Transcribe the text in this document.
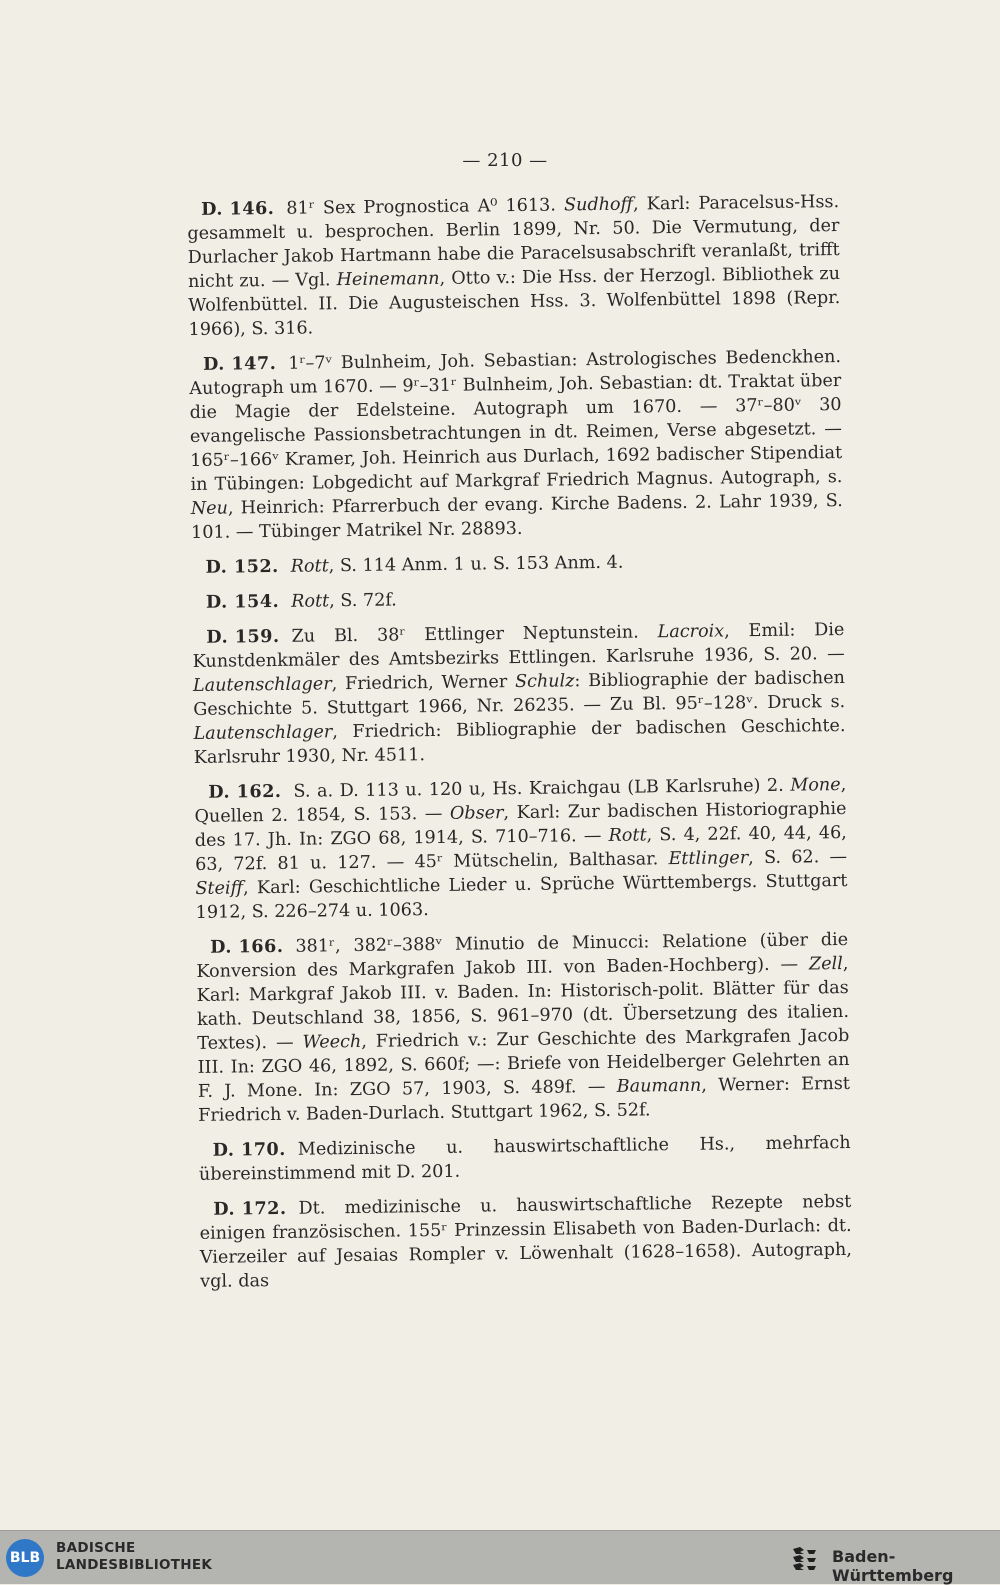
— 210 —

D. 146. 81ʳ Sex Prognostica A⁰ 1613. Sudhoff, Karl: Paracelsus-Hss. gesammelt u. besprochen. Berlin 1899, Nr. 50. Die Vermutung, der Durlacher Jakob Hartmann habe die Paracelsusabschrift veranlaßt, trifft nicht zu. — Vgl. Heinemann, Otto v.: Die Hss. der Herzogl. Bibliothek zu Wolfenbüttel. II. Die Augusteischen Hss. 3. Wolfenbüttel 1898 (Repr. 1966), S. 316.

D. 147. 1ʳ–7ᵛ Bulnheim, Joh. Sebastian: Astrologisches Bedenckhen. Autograph um 1670. — 9ʳ–31ʳ Bulnheim, Joh. Sebastian: dt. Traktat über die Magie der Edelsteine. Autograph um 1670. — 37ʳ–80ᵛ 30 evangelische Passionsbetrachtungen in dt. Reimen, Verse abgesetzt. — 165ʳ–166ᵛ Kramer, Joh. Heinrich aus Durlach, 1692 badischer Stipendiat in Tübingen: Lobgedicht auf Markgraf Friedrich Magnus. Autograph, s. Neu, Heinrich: Pfarrerbuch der evang. Kirche Badens. 2. Lahr 1939, S. 101. — Tübinger Matrikel Nr. 28893.

D. 152. Rott, S. 114 Anm. 1 u. S. 153 Anm. 4.

D. 154. Rott, S. 72f.

D. 159. Zu Bl. 38ʳ Ettlinger Neptunstein. Lacroix, Emil: Die Kunstdenkmäler des Amtsbezirks Ettlingen. Karlsruhe 1936, S. 20. — Lautenschlager, Friedrich, Werner Schulz: Bibliographie der badischen Geschichte 5. Stuttgart 1966, Nr. 26235. — Zu Bl. 95ʳ–128ᵛ. Druck s. Lautenschlager, Friedrich: Bibliographie der badischen Geschichte. Karlsruhr 1930, Nr. 4511.

D. 162. S. a. D. 113 u. 120 u, Hs. Kraichgau (LB Karlsruhe) 2. Mone, Quellen 2. 1854, S. 153. — Obser, Karl: Zur badischen Historiographie des 17. Jh. In: ZGO 68, 1914, S. 710–716. — Rott, S. 4, 22f. 40, 44, 46, 63, 72f. 81 u. 127. — 45ʳ Mütschelin, Balthasar. Ettlinger, S. 62. — Steiff, Karl: Geschichtliche Lieder u. Sprüche Württembergs. Stuttgart 1912, S. 226–274 u. 1063.

D. 166. 381ʳ, 382ʳ–388ᵛ Minutio de Minucci: Relatione (über die Konversion des Markgrafen Jakob III. von Baden-Hochberg). — Zell, Karl: Markgraf Jakob III. v. Baden. In: Historisch-polit. Blätter für das kath. Deutschland 38, 1856, S. 961–970 (dt. Übersetzung des italien. Textes). — Weech, Friedrich v.: Zur Geschichte des Markgrafen Jacob III. In: ZGO 46, 1892, S. 660f; —: Briefe von Heidelberger Gelehrten an F. J. Mone. In: ZGO 57, 1903, S. 489f. — Baumann, Werner: Ernst Friedrich v. Baden-Durlach. Stuttgart 1962, S. 52f.

D. 170. Medizinische u. hauswirtschaftliche Hs., mehrfach übereinstimmend mit D. 201.

D. 172. Dt. medizinische u. hauswirtschaftliche Rezepte nebst einigen französischen. 155ʳ Prinzessin Elisabeth von Baden-Durlach: dt. Vierzeiler auf Jesaias Rompler v. Löwenhalt (1628–1658). Autograph, vgl. das

BLB
BADISCHE
LANDESBIBLIOTHEK	Baden-Württemberg
